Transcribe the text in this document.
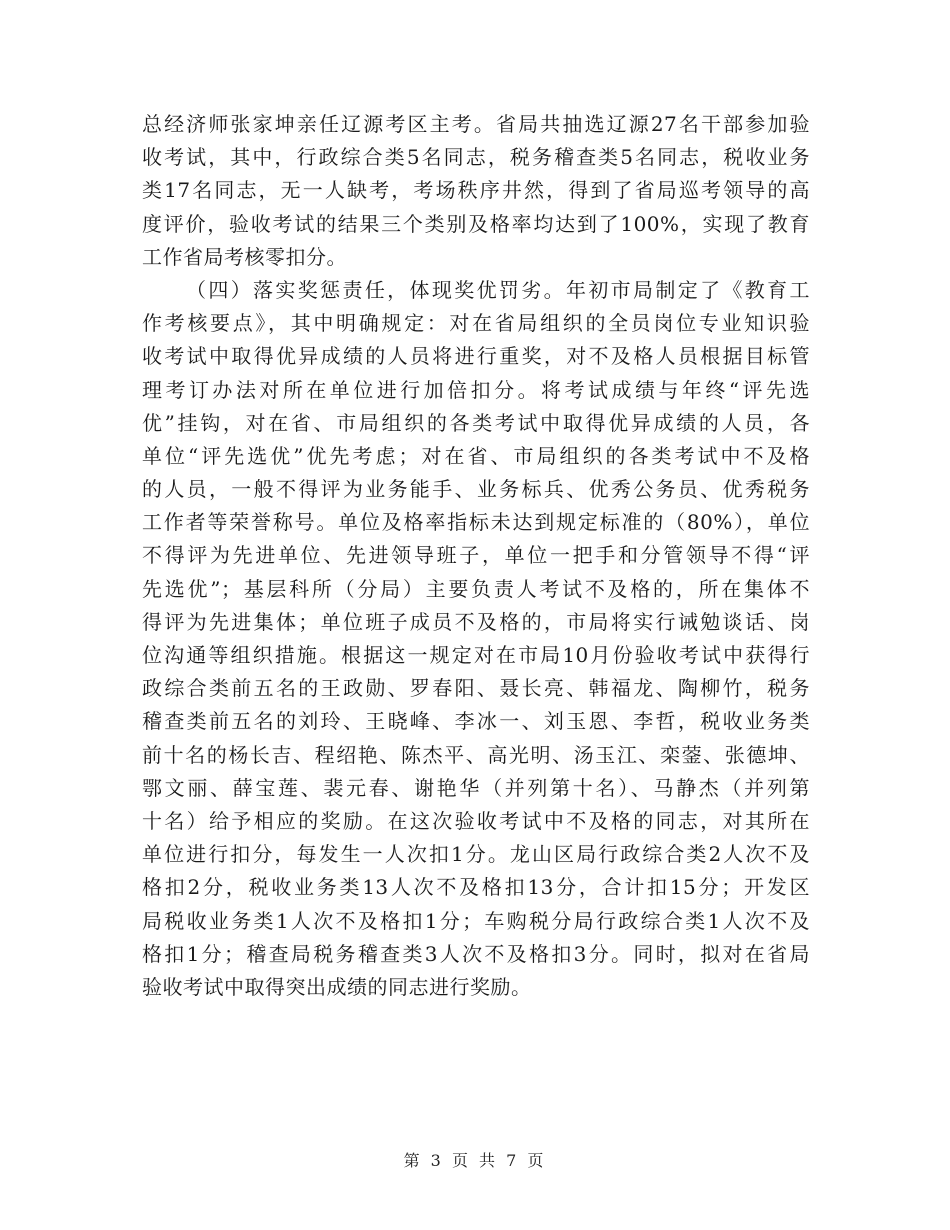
总经济师张家坤亲任辽源考区主考。省局共抽选辽源27名干部参加验
收考试，其中，行政综合类5名同志，税务稽查类5名同志，税收业务
类17名同志，无一人缺考，考场秩序井然，得到了省局巡考领导的高
度评价，验收考试的结果三个类别及格率均达到了100%，实现了教育
工作省局考核零扣分。
（四）落实奖惩责任，体现奖优罚劣。年初市局制定了《教育工
作考核要点》，其中明确规定：对在省局组织的全员岗位专业知识验
收考试中取得优异成绩的人员将进行重奖，对不及格人员根据目标管
理考订办法对所在单位进行加倍扣分。将考试成绩与年终“评先选
优”挂钩，对在省、市局组织的各类考试中取得优异成绩的人员，各
单位“评先选优”优先考虑；对在省、市局组织的各类考试中不及格
的人员，一般不得评为业务能手、业务标兵、优秀公务员、优秀税务
工作者等荣誉称号。单位及格率指标未达到规定标准的（80%），单位
不得评为先进单位、先进领导班子，单位一把手和分管领导不得“评
先选优”；基层科所（分局）主要负责人考试不及格的，所在集体不
得评为先进集体；单位班子成员不及格的，市局将实行诫勉谈话、岗
位沟通等组织措施。根据这一规定对在市局10月份验收考试中获得行
政综合类前五名的王政勋、罗春阳、聂长亮、韩福龙、陶柳竹，税务
稽查类前五名的刘玲、王晓峰、李冰一、刘玉恩、李哲，税收业务类
前十名的杨长吉、程绍艳、陈杰平、高光明、汤玉江、栾蓥、张德坤、
鄂文丽、薛宝莲、裴元春、谢艳华（并列第十名）、马静杰（并列第
十名）给予相应的奖励。在这次验收考试中不及格的同志，对其所在
单位进行扣分，每发生一人次扣1分。龙山区局行政综合类2人次不及
格扣2分，税收业务类13人次不及格扣13分，合计扣15分；开发区
局税收业务类1人次不及格扣1分；车购税分局行政综合类1人次不及
格扣1分；稽查局税务稽查类3人次不及格扣3分。同时，拟对在省局
验收考试中取得突出成绩的同志进行奖励。
第 3 页 共 7 页
